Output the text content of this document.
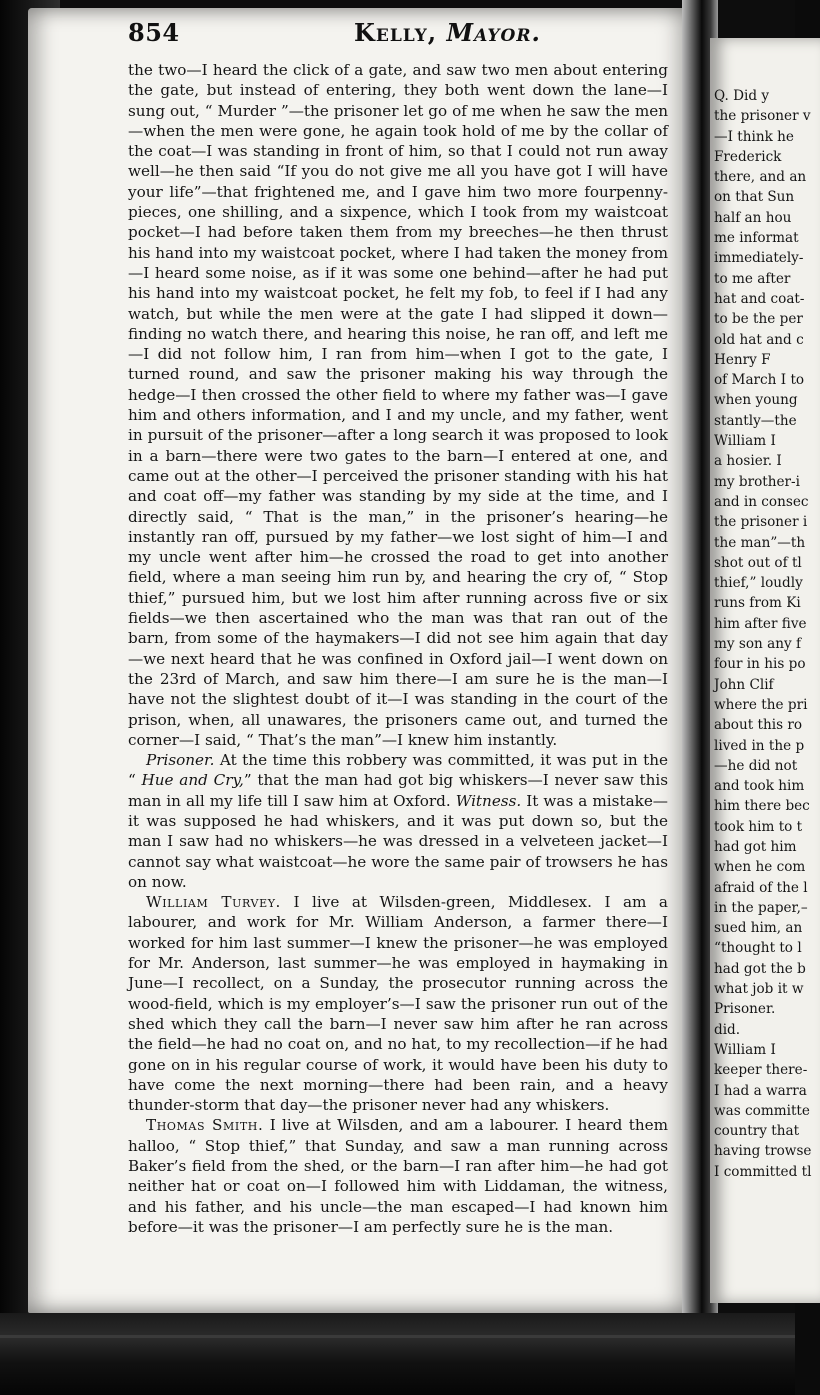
854	Kelly, Mayor.

the two—I heard the click of a gate, and saw two men about entering the gate, but instead of entering, they both went down the lane—I sung out, “ Murder ”—the prisoner let go of me when he saw the men—when the men were gone, he again took hold of me by the collar of the coat—I was standing in front of him, so that I could not run away well—he then said “If you do not give me all you have got I will have your life”—that frightened me, and I gave him two more fourpenny-pieces, one shilling, and a sixpence, which I took from my waistcoat pocket—I had before taken them from my breeches—he then thrust his hand into my waistcoat pocket, where I had taken the money from—I heard some noise, as if it was some one behind—after he had put his hand into my waistcoat pocket, he felt my fob, to feel if I had any watch, but while the men were at the gate I had slipped it down—finding no watch there, and hearing this noise, he ran off, and left me—I did not follow him, I ran from him—when I got to the gate, I turned round, and saw the prisoner making his way through the hedge—I then crossed the other field to where my father was—I gave him and others information, and I and my uncle, and my father, went in pursuit of the prisoner—after a long search it was proposed to look in a barn—there were two gates to the barn—I entered at one, and came out at the other—I perceived the prisoner standing with his hat and coat off—my father was standing by my side at the time, and I directly said, “ That is the man,” in the prisoner’s hearing—he instantly ran off, pursued by my father—we lost sight of him—I and my uncle went after him—he crossed the road to get into another field, where a man seeing him run by, and hearing the cry of, “ Stop thief,” pursued him, but we lost him after running across five or six fields—we then ascertained who the man was that ran out of the barn, from some of the haymakers—I did not see him again that day—we next heard that he was confined in Oxford jail—I went down on the 23rd of March, and saw him there—I am sure he is the man—I have not the slightest doubt of it—I was standing in the court of the prison, when, all unawares, the prisoners came out, and turned the corner—I said, “ That’s the man”—I knew him instantly.

Prisoner. At the time this robbery was committed, it was put in the “ Hue and Cry,” that the man had got big whiskers—I never saw this man in all my life till I saw him at Oxford. Witness. It was a mistake—it was supposed he had whiskers, and it was put down so, but the man I saw had no whiskers—he was dressed in a velveteen jacket—I cannot say what waistcoat—he wore the same pair of trowsers he has on now.

William Turvey. I live at Wilsden-green, Middlesex. I am a labourer, and work for Mr. William Anderson, a farmer there—I worked for him last summer—I knew the prisoner—he was employed for Mr. Anderson, last summer—he was employed in haymaking in June—I recollect, on a Sunday, the prosecutor running across the wood-field, which is my employer’s—I saw the prisoner run out of the shed which they call the barn—I never saw him after he ran across the field—he had no coat on, and no hat, to my recollection—if he had gone on in his regular course of work, it would have been his duty to have come the next morning—there had been rain, and a heavy thunder-storm that day—the prisoner never had any whiskers.

Thomas Smith. I live at Wilsden, and am a labourer. I heard them halloo, “ Stop thief,” that Sunday, and saw a man running across Baker’s field from the shed, or the barn—I ran after him—he had got neither hat or coat on—I followed him with Liddaman, the witness, and his father, and his uncle—the man escaped—I had known him before—it was the prisoner—I am perfectly sure he is the man.

Q. Did y
the prisoner v
—I think he
Frederick
there, and an
on that Sun
half an hou
me informat
immediately-
to me after
hat and coat-
to be the per
old hat and c
Henry F
of March I to
when young
stantly—the
William I
a hosier. I
my brother-i
and in consec
the prisoner i
the man”—th
shot out of tl
thief,” loudly
runs from Ki
him after five
my son any f
four in his po
John Clif
where the pri
about this ro
lived in the p
—he did not
and took him
him there bec
took him to t
had got him
when he com
afraid of the l
in the paper,–
sued him, an
“thought to l
had got the b
what job it w
Prisoner.
did.
William I
keeper there-
I had a warra
was committe
country that
having trowse
I committed tl
